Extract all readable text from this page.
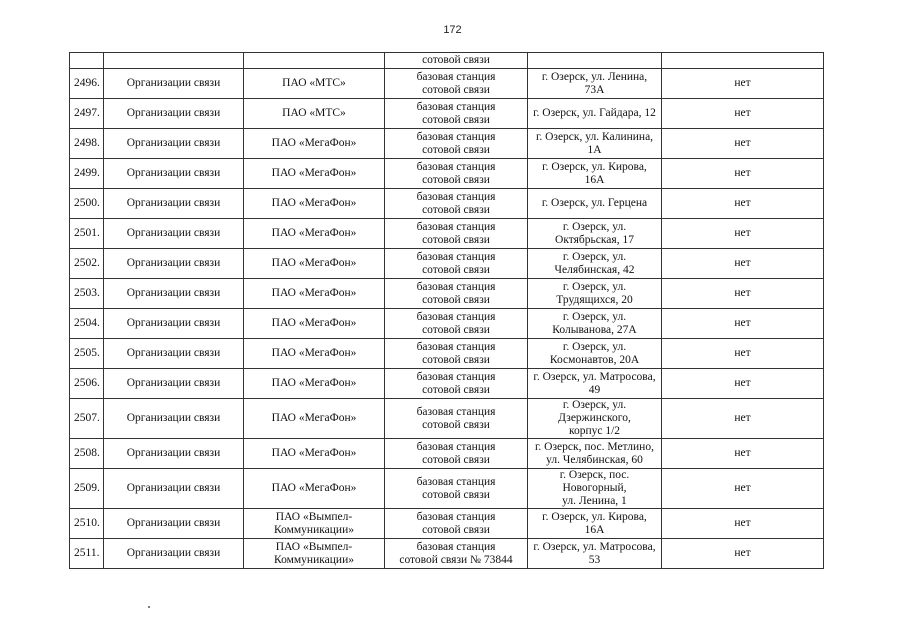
172
			сотовой связи		
2496.	Организации связи	ПАО «МТС»	базовая станция
сотовой связи	г. Озерск, ул. Ленина, 73А	нет
2497.	Организации связи	ПАО «МТС»	базовая станция
сотовой связи	г. Озерск, ул. Гайдара, 12	нет
2498.	Организации связи	ПАО «МегаФон»	базовая станция
сотовой связи	г. Озерск, ул. Калинина, 1А	нет
2499.	Организации связи	ПАО «МегаФон»	базовая станция
сотовой связи	г. Озерск, ул. Кирова, 16А	нет
2500.	Организации связи	ПАО «МегаФон»	базовая станция
сотовой связи	г. Озерск, ул. Герцена	нет
2501.	Организации связи	ПАО «МегаФон»	базовая станция
сотовой связи	г. Озерск, ул. Октябрьская, 17	нет
2502.	Организации связи	ПАО «МегаФон»	базовая станция
сотовой связи	г. Озерск, ул. Челябинская, 42	нет
2503.	Организации связи	ПАО «МегаФон»	базовая станция
сотовой связи	г. Озерск, ул. Трудящихся, 20	нет
2504.	Организации связи	ПАО «МегаФон»	базовая станция
сотовой связи	г. Озерск, ул. Колыванова, 27А	нет
2505.	Организации связи	ПАО «МегаФон»	базовая станция
сотовой связи	г. Озерск, ул. Космонавтов, 20А	нет
2506.	Организации связи	ПАО «МегаФон»	базовая станция
сотовой связи	г. Озерск, ул. Матросова, 49	нет
2507.	Организации связи	ПАО «МегаФон»	базовая станция
сотовой связи	г. Озерск, ул. Дзержинского,
корпус 1/2	нет
2508.	Организации связи	ПАО «МегаФон»	базовая станция
сотовой связи	г. Озерск, пос. Метлино,
ул. Челябинская, 60	нет
2509.	Организации связи	ПАО «МегаФон»	базовая станция
сотовой связи	г. Озерск, пос. Новогорный,
ул. Ленина, 1	нет
2510.	Организации связи	ПАО «Вымпел-Коммуникации»	базовая станция
сотовой связи	г. Озерск, ул. Кирова, 16А	нет
2511.	Организации связи	ПАО «Вымпел-Коммуникации»	базовая станция
сотовой связи № 73844	г. Озерск, ул. Матросова, 53	нет
